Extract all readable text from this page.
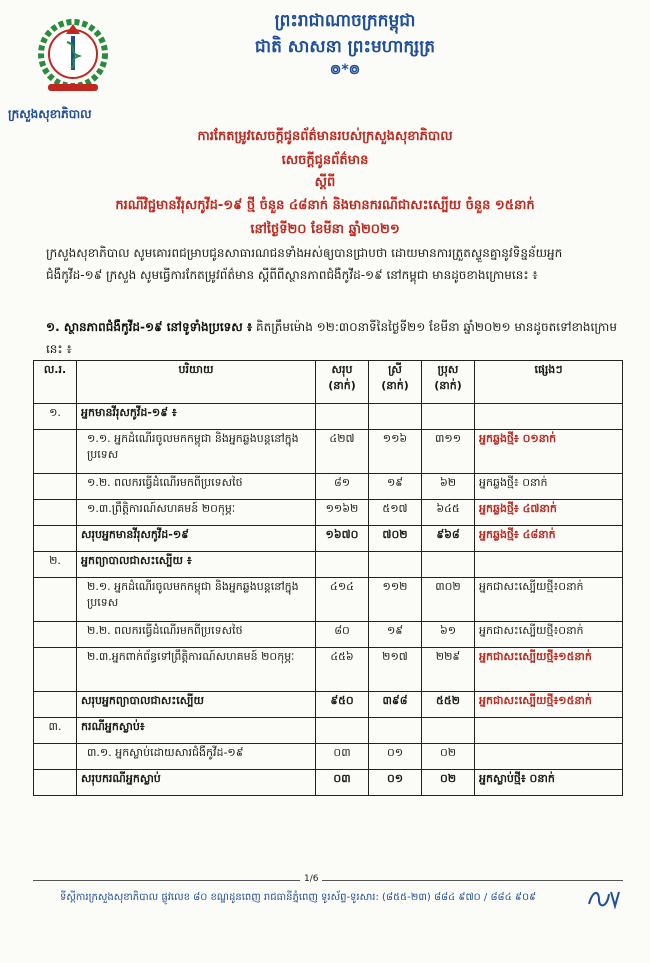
ក្រសួងសុខាភិបាល
ព្រះរាជាណាចក្រកម្ពុជា
ជាតិ សាសនា ព្រះមហាក្សត្រ
៙*៙
ការកែតម្រូវសេចក្តីជូនព័ត៌មានរបស់ក្រសួងសុខាភិបាល
សេចក្តីជូនព័ត៌មាន
ស្តីពី
ករណីវិជ្ជមានវីរុសកូវីដ-១៩ ថ្មី ចំនួន ៤៨នាក់ និងមានករណីជាសះស្បើយ ចំនួន ១៥នាក់
នៅថ្ងៃទី២០ ខែមីនា ឆ្នាំ២០២១
ក្រសួងសុខាភិបាល សូមគោរពជម្រាបជូនសាធារណជនទាំងអស់ឲ្យបានជ្រាបថា ដោយមានការត្រួតស្ទួនគ្នានូវទិន្នន័យអ្នកជំងឺកូវីដ-១៩ ក្រសួង សូមធ្វើការកែតម្រូវព័ត៌មាន ស្តីពីពីស្ថានភាពជំងឺកូវីដ-១៩ នៅកម្ពុជា មានដូចខាងក្រោមនេះ ៖
១. ស្ថានភាពជំងឺកូវីដ-១៩ នៅទូទាំងប្រទេស ៖ គិតត្រឹមម៉ោង ១២:៣០នាទីនៃថ្ងៃទី២១ ខែមីនា ឆ្នាំ២០២១ មានដូចតទៅខាងក្រោមនេះ ៖
ល.រ.	បរិយាយ	សរុប (នាក់)	ស្រី (នាក់)	ប្រុស (នាក់)	ផ្សេងៗ
១.	អ្នកមានវីរុសកូវីដ-១៩ ៖				
	១.១. អ្នកដំណើរចូលមកកម្ពុជា និងអ្នកឆ្លងបន្តនៅក្នុងប្រទេស	៤២៧	១១៦	៣១១	អ្នកឆ្លងថ្មី៖ ០១នាក់
	១.២. ពលករធ្វើដំណើរមកពីប្រទេសថៃ	៨១	១៩	៦២	អ្នកឆ្លងថ្មី៖ ០នាក់
	១.៣.ព្រឹត្តិការណ៍សហគមន៍ ២០កុម្ភៈ	១១៦២	៥១៧	៦៤៥	អ្នកឆ្លងថ្មី៖ ៤៧នាក់
	សរុបអ្នកមានវីរុសកូវីដ-១៩	១៦៧០	៧០២	៩៦៨	អ្នកឆ្លងថ្មី៖ ៤៨នាក់
២.	អ្នកព្យាបាលជាសះស្បើយ ៖				
	២.១. អ្នកដំណើរចូលមកកម្ពុជា និងអ្នកឆ្លងបន្តនៅក្នុងប្រទេស	៤១៤	១១២	៣០២	អ្នកជាសះស្បើយថ្មី៖០នាក់
	២.២. ពលករធ្វើដំណើរមកពីប្រទេសថៃ	៨០	១៩	៦១	អ្នកជាសះស្បើយថ្មី៖០នាក់
	២.៣.អ្នកពាក់ព័ន្ធទៅព្រឹត្តិការណ៍សហគមន៍ ២០កុម្ភៈ	៤៥៦	២១៧	២២៩	អ្នកជាសះស្បើយថ្មី៖១៥នាក់
	សរុបអ្នកព្យាបាលជាសះស្បើយ	៩៥០	៣៩៨	៥៥២	អ្នកជាសះស្បើយថ្មី៖១៥នាក់
៣.	ករណីអ្នកស្លាប់៖				
	៣.១. អ្នកស្លាប់ដោយសារជំងឺកូវីដ-១៩	០៣	០១	០២	
	សរុបករណីអ្នកស្លាប់	០៣	០១	០២	អ្នកស្លាប់ថ្មី៖ ០នាក់
1/6
ទីស្តីការក្រសួងសុខាភិបាល ផ្លូវលេខ ៨០ ខណ្ឌដូនពេញ រាជធានីភ្នំពេញ ទូរស័ព្ទ-ទូរសារ: (៨៥៥-២៣) ៨៨៤ ៩៧០ / ៨៨៤ ៩០៩
